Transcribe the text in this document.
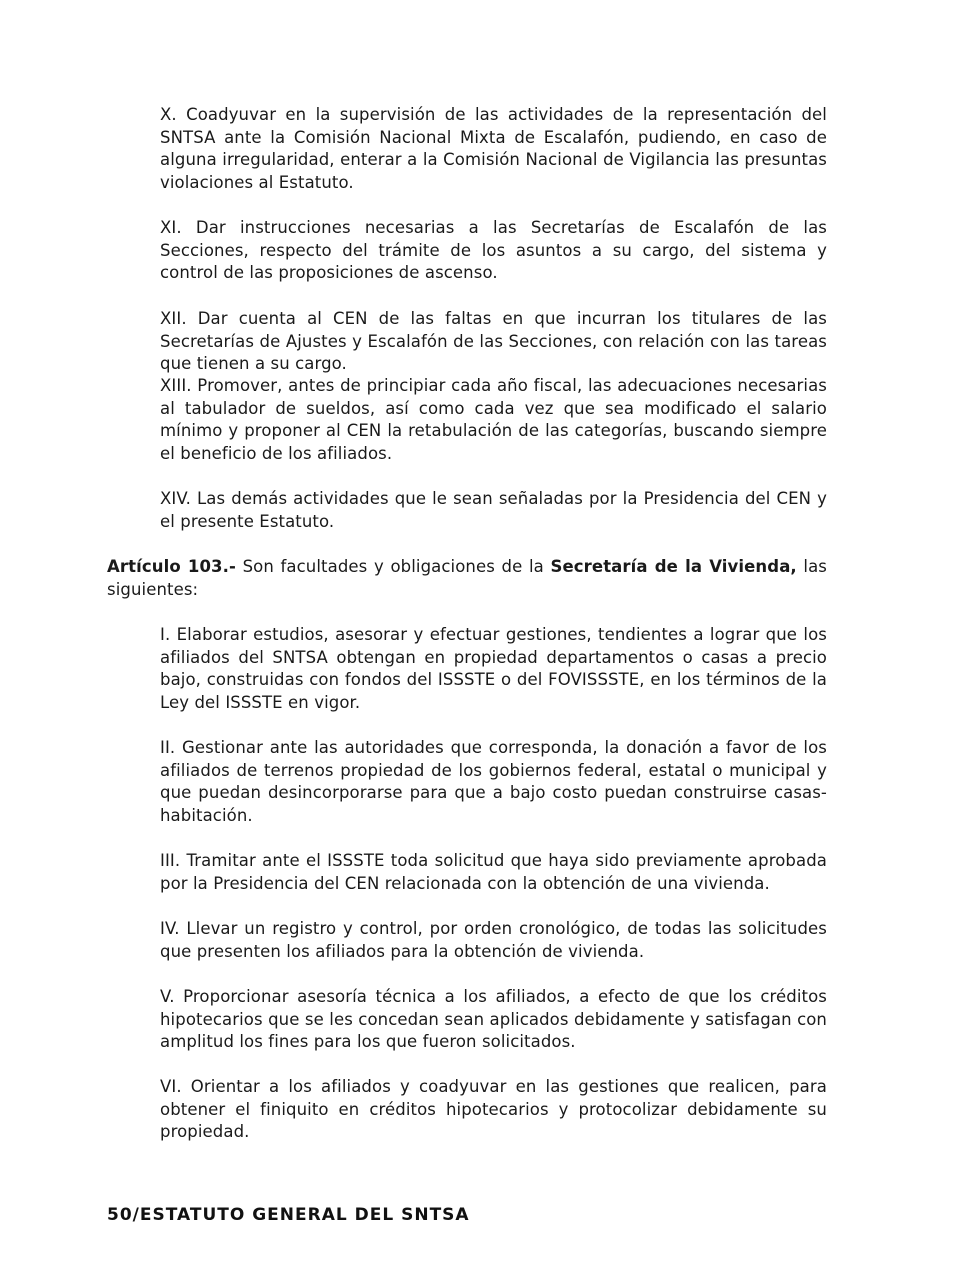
X. Coadyuvar en la supervisión de las actividades de la representación del SNTSA ante la Comisión Nacional Mixta de Escalafón, pudiendo, en caso de alguna irregularidad, enterar a la Comisión Nacional de Vigilancia las presuntas violaciones al Estatuto.

XI. Dar instrucciones necesarias a las Secretarías de Escalafón de las Secciones, respecto del trámite de los asuntos a su cargo, del sistema y control de las proposiciones de ascenso.

XII. Dar cuenta al CEN de las faltas en que incurran los titulares de las Secretarías de Ajustes y Escalafón de las Secciones, con relación con las tareas que tienen a su cargo.

XIII. Promover, antes de principiar cada año fiscal, las adecuaciones necesarias al tabulador de sueldos, así como cada vez que sea modificado el salario mínimo y proponer al CEN la retabulación de las categorías, buscando siempre el beneficio de los afiliados.

XIV. Las demás actividades que le sean señaladas por la Presidencia del CEN y el presente Estatuto.

Artículo 103.- Son facultades y obligaciones de la Secretaría de la Vivienda, las siguientes:

I. Elaborar estudios, asesorar y efectuar gestiones, tendientes a lograr que los afiliados del SNTSA obtengan en propiedad departamentos o casas a precio bajo, construidas con fondos del ISSSTE o del FOVISSSTE, en los términos de la Ley del ISSSTE en vigor.

II. Gestionar ante las autoridades que corresponda, la donación a favor de los afiliados de terrenos propiedad de los gobiernos federal, estatal o municipal y que puedan desincorporarse para que a bajo costo puedan construirse casas-habitación.

III. Tramitar ante el ISSSTE toda solicitud que haya sido previamente aprobada por la Presidencia del CEN relacionada con la obtención de una vivienda.

IV. Llevar un registro y control, por orden cronológico, de todas las solicitudes que presenten los afiliados para la obtención de vivienda.

V. Proporcionar asesoría técnica a los afiliados, a efecto de que los créditos hipotecarios que se les concedan sean aplicados debidamente y satisfagan con amplitud los fines para los que fueron solicitados.

VI. Orientar a los afiliados y coadyuvar en las gestiones que realicen, para obtener el finiquito en créditos hipotecarios y protocolizar debidamente su propiedad.

50/ESTATUTO GENERAL DEL SNTSA
